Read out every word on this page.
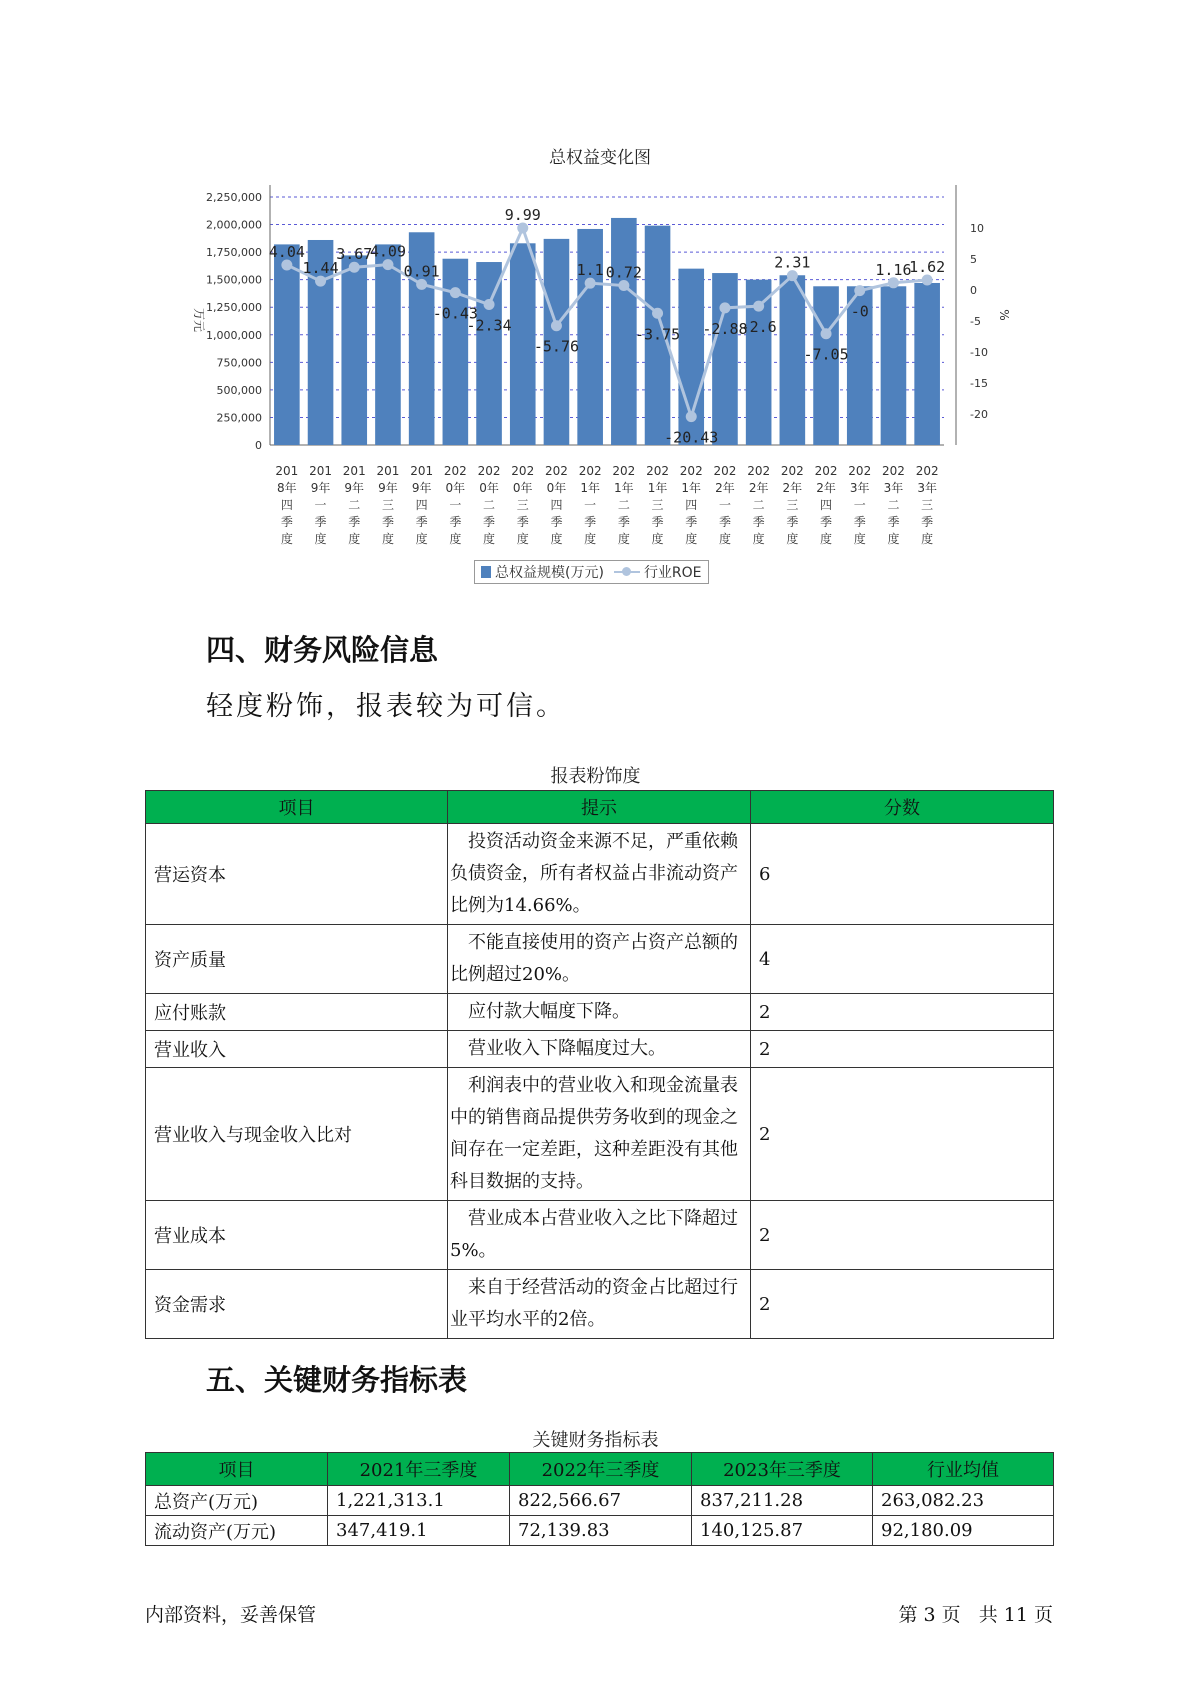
总权益变化图
0
250,000
500,000
750,000
1,000,000
1,250,000
1,500,000
1,750,000
2,000,000
2,250,000
10
5
0
-5
-10
-15
-20
万元	%
201 8年四季度
201 9年一季度
201 9年二季度
201 9年三季度
201 9年四季度
202 0年一季度
202 0年二季度
202 0年三季度
202 0年四季度
202 1年一季度
202 1年二季度
202 1年三季度
202 1年四季度
202 2年一季度
202 2年二季度
202 2年三季度
202 2年四季度
202 3年一季度
202 3年二季度
202 3年三季度
4.04
1.44
3.67
4.09
0.91
-0.43
-2.34
9.99
-5.76
1.1 0.72
-3.75
-20.43
-2.88
-2.6
2.31
-7.05
-0
1.16
1.62
总权益规模(万元)	行业ROE
四、财务风险信息
轻度粉饰，报表较为可信。
报表粉饰度
项目	提示	分数
营运资本	投资活动资金来源不足，严重依赖负债资金，所有者权益占非流动资产比例为14.66%。	6
资产质量	不能直接使用的资产占资产总额的比例超过20%。	4
应付账款	应付款大幅度下降。	2
营业收入	营业收入下降幅度过大。	2
营业收入与现金收入比对	利润表中的营业收入和现金流量表中的销售商品提供劳务收到的现金之间存在一定差距，这种差距没有其他科目数据的支持。	2
营业成本	营业成本占营业收入之比下降超过5%。	2
资金需求	来自于经营活动的资金占比超过行业平均水平的2倍。	2
五、关键财务指标表
关键财务指标表
项目	2021年三季度	2022年三季度	2023年三季度	行业均值
总资产(万元)	1,221,313.1	822,566.67	837,211.28	263,082.23
流动资产(万元)	347,419.1	72,139.83	140,125.87	92,180.09
内部资料，妥善保管	第 3 页   共 11 页
